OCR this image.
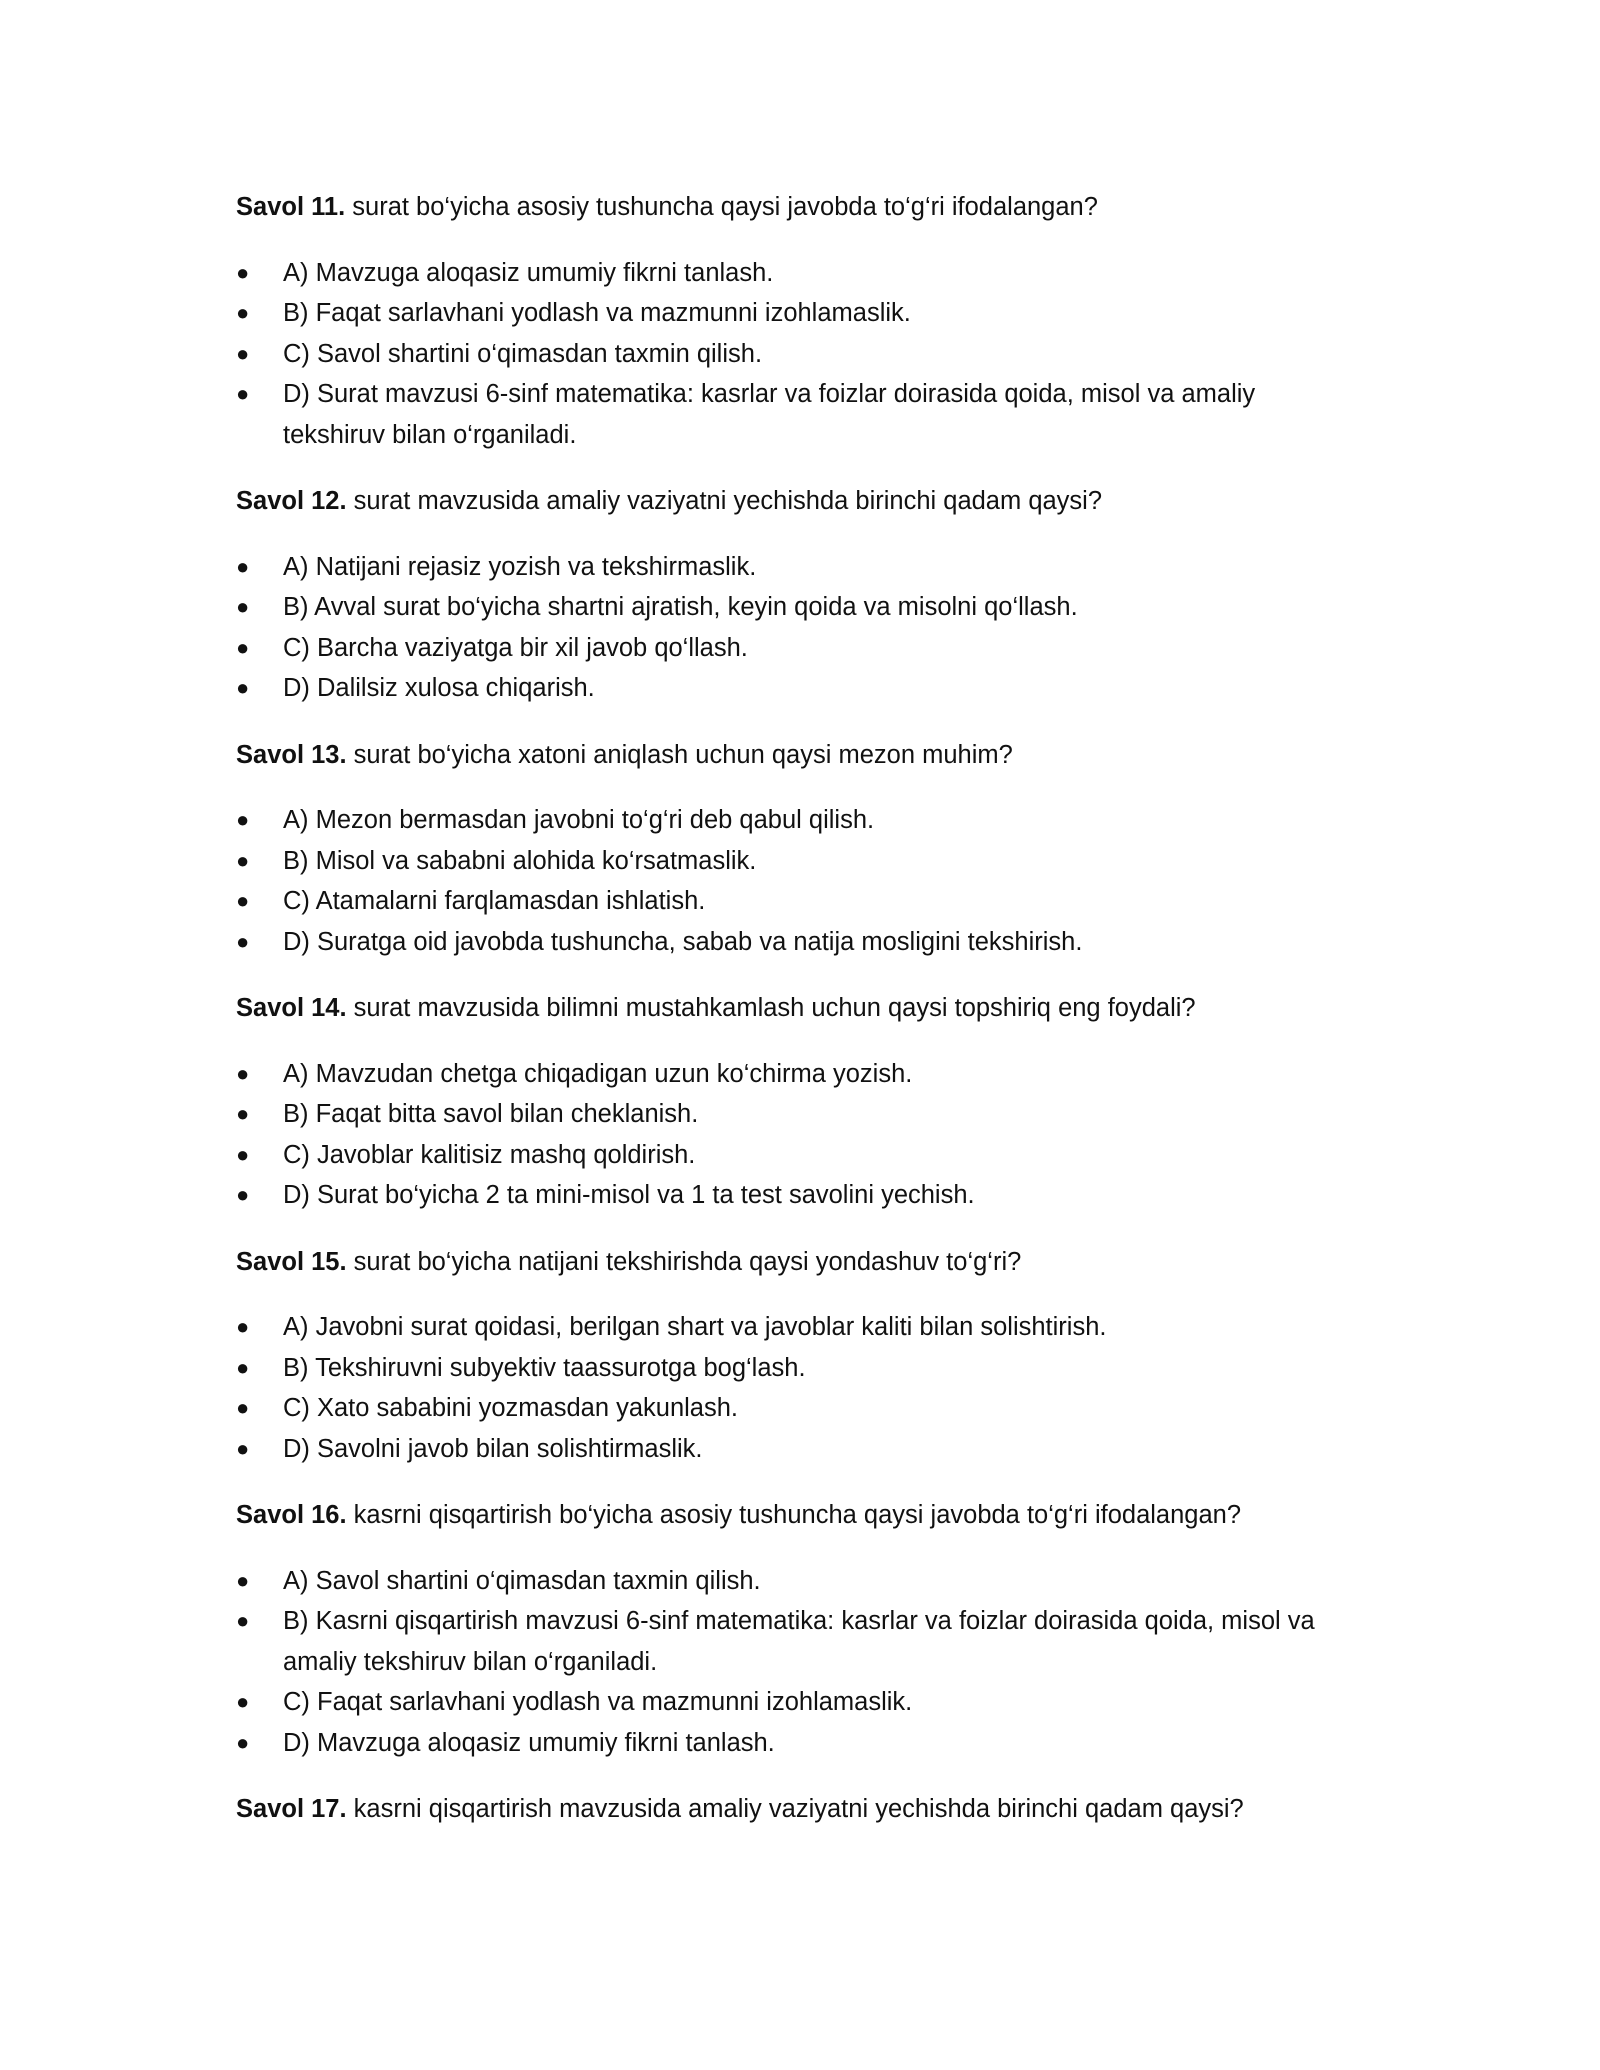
Savol 11. surat bo‘yicha asosiy tushuncha qaysi javobda to‘g‘ri ifodalangan?

● A) Mavzuga aloqasiz umumiy fikrni tanlash.
● B) Faqat sarlavhani yodlash va mazmunni izohlamaslik.
● C) Savol shartini o‘qimasdan taxmin qilish.
● D) Surat mavzusi 6-sinf matematika: kasrlar va foizlar doirasida qoida, misol va amaliy tekshiruv bilan o‘rganiladi.

Savol 12. surat mavzusida amaliy vaziyatni yechishda birinchi qadam qaysi?

● A) Natijani rejasiz yozish va tekshirmaslik.
● B) Avval surat bo‘yicha shartni ajratish, keyin qoida va misolni qo‘llash.
● C) Barcha vaziyatga bir xil javob qo‘llash.
● D) Dalilsiz xulosa chiqarish.

Savol 13. surat bo‘yicha xatoni aniqlash uchun qaysi mezon muhim?

● A) Mezon bermasdan javobni to‘g‘ri deb qabul qilish.
● B) Misol va sababni alohida ko‘rsatmaslik.
● C) Atamalarni farqlamasdan ishlatish.
● D) Suratga oid javobda tushuncha, sabab va natija mosligini tekshirish.

Savol 14. surat mavzusida bilimni mustahkamlash uchun qaysi topshiriq eng foydali?

● A) Mavzudan chetga chiqadigan uzun ko‘chirma yozish.
● B) Faqat bitta savol bilan cheklanish.
● C) Javoblar kalitisiz mashq qoldirish.
● D) Surat bo‘yicha 2 ta mini-misol va 1 ta test savolini yechish.

Savol 15. surat bo‘yicha natijani tekshirishda qaysi yondashuv to‘g‘ri?

● A) Javobni surat qoidasi, berilgan shart va javoblar kaliti bilan solishtirish.
● B) Tekshiruvni subyektiv taassurotga bog‘lash.
● C) Xato sababini yozmasdan yakunlash.
● D) Savolni javob bilan solishtirmaslik.

Savol 16. kasrni qisqartirish bo‘yicha asosiy tushuncha qaysi javobda to‘g‘ri ifodalangan?

● A) Savol shartini o‘qimasdan taxmin qilish.
● B) Kasrni qisqartirish mavzusi 6-sinf matematika: kasrlar va foizlar doirasida qoida, misol va amaliy tekshiruv bilan o‘rganiladi.
● C) Faqat sarlavhani yodlash va mazmunni izohlamaslik.
● D) Mavzuga aloqasiz umumiy fikrni tanlash.

Savol 17. kasrni qisqartirish mavzusida amaliy vaziyatni yechishda birinchi qadam qaysi?
